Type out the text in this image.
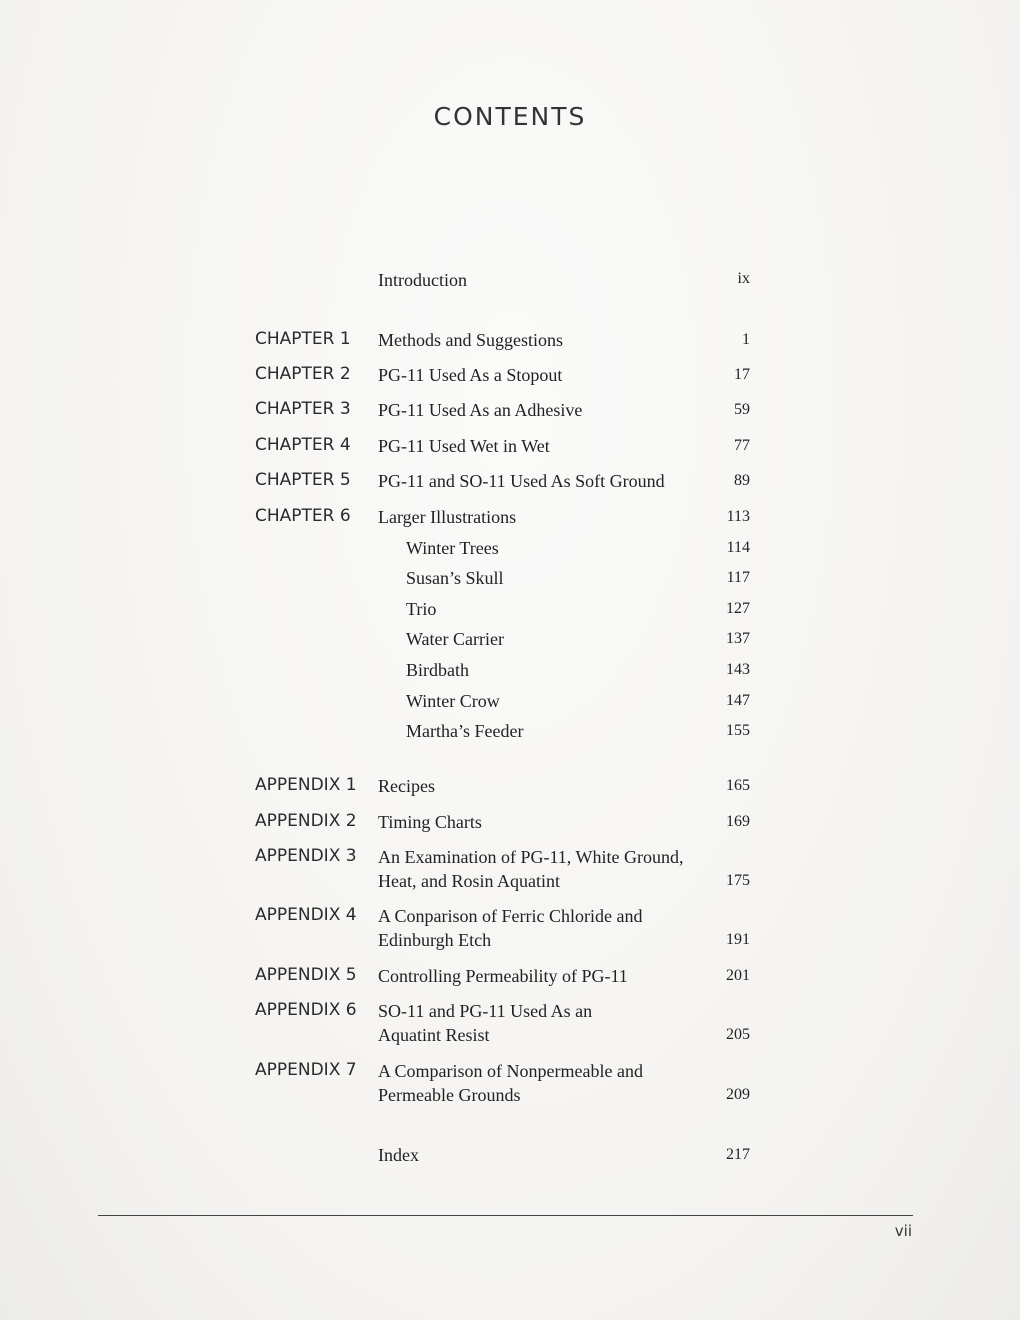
CONTENTS
Introduction	ix
CHAPTER 1 Methods and Suggestions	1
CHAPTER 2 PG-11 Used As a Stopout	17
CHAPTER 3 PG-11 Used As an Adhesive	59
CHAPTER 4 PG-11 Used Wet in Wet	77
CHAPTER 5 PG-11 and SO-11 Used As Soft Ground	89
CHAPTER 6 Larger Illustrations	113
Winter Trees	114
Susan’s Skull	117
Trio	127
Water Carrier	137
Birdbath	143
Winter Crow	147
Martha’s Feeder	155
APPENDIX 1 Recipes	165
APPENDIX 2 Timing Charts	169
APPENDIX 3 An Examination of PG-11, White Ground,
Heat, and Rosin Aquatint	175
APPENDIX 4 A Conparison of Ferric Chloride and
Edinburgh Etch	191
APPENDIX 5 Controlling Permeability of PG-11	201
APPENDIX 6 SO-11 and PG-11 Used As an
Aquatint Resist	205
APPENDIX 7 A Comparison of Nonpermeable and
Permeable Grounds	209
Index	217
vii
